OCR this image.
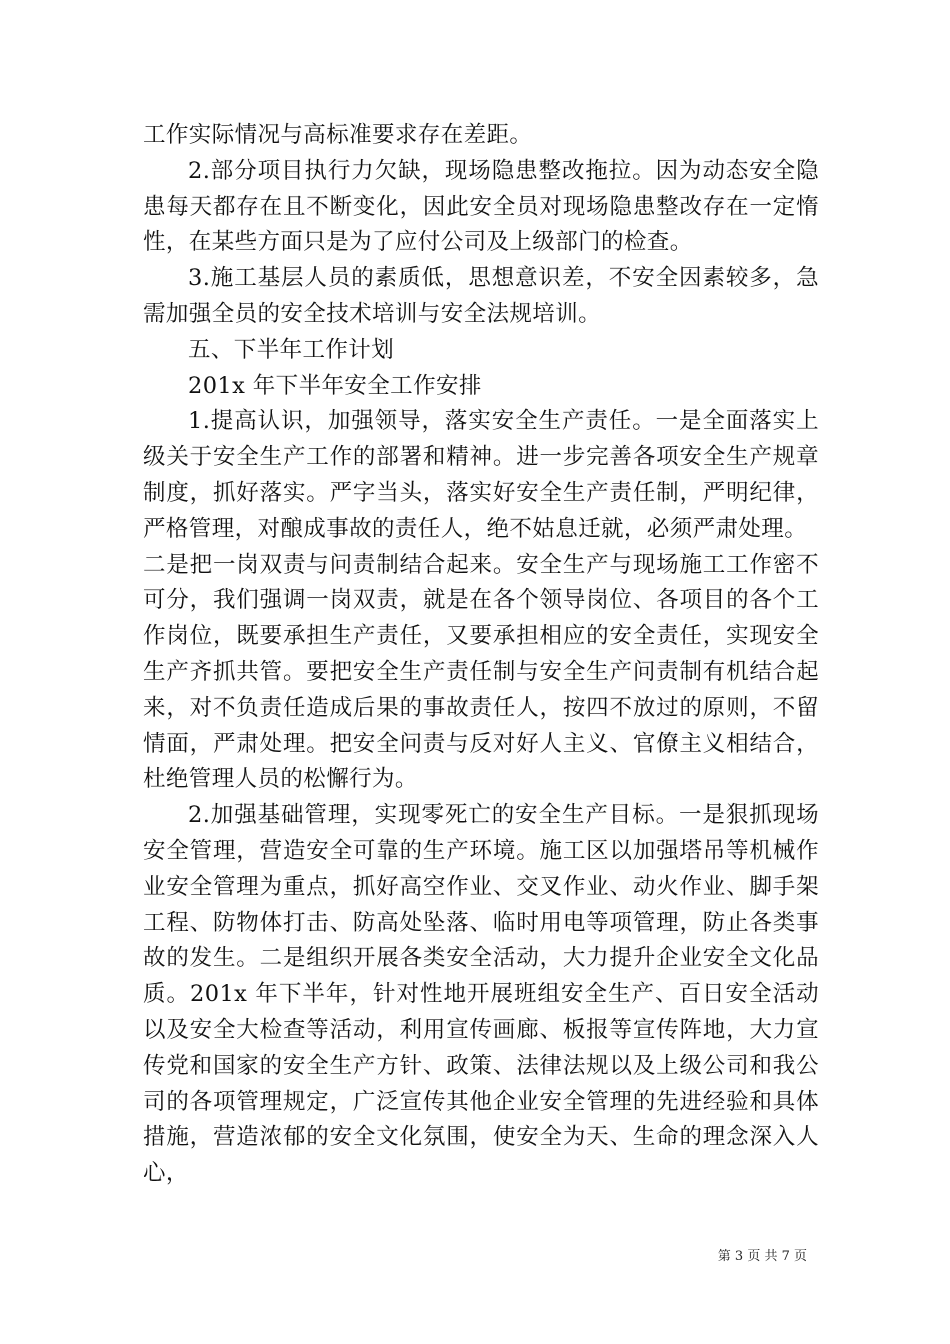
工作实际情况与高标准要求存在差距。

2.部分项目执行力欠缺，现场隐患整改拖拉。因为动态安全隐患每天都存在且不断变化，因此安全员对现场隐患整改存在一定惰性，在某些方面只是为了应付公司及上级部门的检查。

3.施工基层人员的素质低，思想意识差，不安全因素较多，急需加强全员的安全技术培训与安全法规培训。

五、下半年工作计划

201x 年下半年安全工作安排

1.提高认识，加强领导，落实安全生产责任。一是全面落实上级关于安全生产工作的部署和精神。进一步完善各项安全生产规章制度，抓好落实。严字当头，落实好安全生产责任制，严明纪律，严格管理，对酿成事故的责任人，绝不姑息迁就，必须严肃处理。

二是把一岗双责与问责制结合起来。安全生产与现场施工工作密不可分，我们强调一岗双责，就是在各个领导岗位、各项目的各个工作岗位，既要承担生产责任，又要承担相应的安全责任，实现安全生产齐抓共管。要把安全生产责任制与安全生产问责制有机结合起来，对不负责任造成后果的事故责任人，按四不放过的原则，不留情面，严肃处理。把安全问责与反对好人主义、官僚主义相结合，杜绝管理人员的松懈行为。

2.加强基础管理，实现零死亡的安全生产目标。一是狠抓现场安全管理，营造安全可靠的生产环境。施工区以加强塔吊等机械作业安全管理为重点，抓好高空作业、交叉作业、动火作业、脚手架工程、防物体打击、防高处坠落、临时用电等项管理，防止各类事故的发生。二是组织开展各类安全活动，大力提升企业安全文化品质。201x 年下半年，针对性地开展班组安全生产、百日安全活动以及安全大检查等活动，利用宣传画廊、板报等宣传阵地，大力宣传党和国家的安全生产方针、政策、法律法规以及上级公司和我公司的各项管理规定，广泛宣传其他企业安全管理的先进经验和具体措施，营造浓郁的安全文化氛围，使安全为天、生命的理念深入人心，

第 3 页 共 7 页
